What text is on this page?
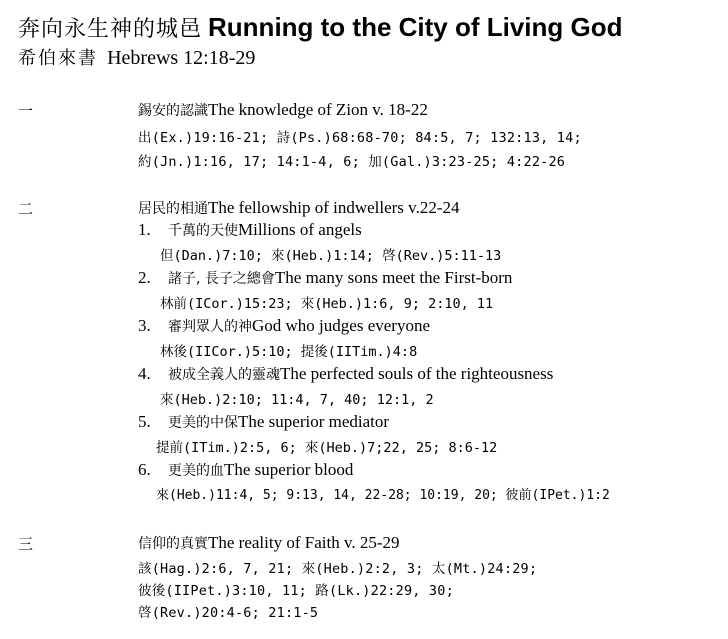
奔向永生神的城邑 Running to the City of Living God
希伯來書 Hebrews 12:18-29
一	錫安的認識The knowledge of Zion v. 18-22
出(Ex.)19:16-21; 詩(Ps.)68:68-70; 84:5, 7; 132:13, 14;
約(Jn.)1:16, 17; 14:1-4, 6; 加(Gal.)3:23-25; 4:22-26
二	居民的相通The fellowship of indwellers v.22-24
1. 千萬的天使Millions of angels
但(Dan.)7:10; 來(Heb.)1:14; 啓(Rev.)5:11-13
2. 諸子, 長子之總會The many sons meet the First-born
林前(ICor.)15:23; 來(Heb.)1:6, 9; 2:10, 11
3. 審判眾人的神God who judges everyone
林後(IICor.)5:10; 提後(IITim.)4:8
4. 被成全義人的靈魂The perfected souls of the righteousness
來(Heb.)2:10; 11:4, 7, 40; 12:1, 2
5. 更美的中保The superior mediator
提前(ITim.)2:5, 6; 來(Heb.)7;22, 25; 8:6-12
6. 更美的血The superior blood
來(Heb.)11:4, 5; 9:13, 14, 22-28; 10:19, 20; 彼前(IPet.)1:2
三	信仰的真實The reality of Faith v. 25-29
該(Hag.)2:6, 7, 21; 來(Heb.)2:2, 3; 太(Mt.)24:29;
彼後(IIPet.)3:10, 11; 路(Lk.)22:29, 30;
啓(Rev.)20:4-6; 21:1-5
